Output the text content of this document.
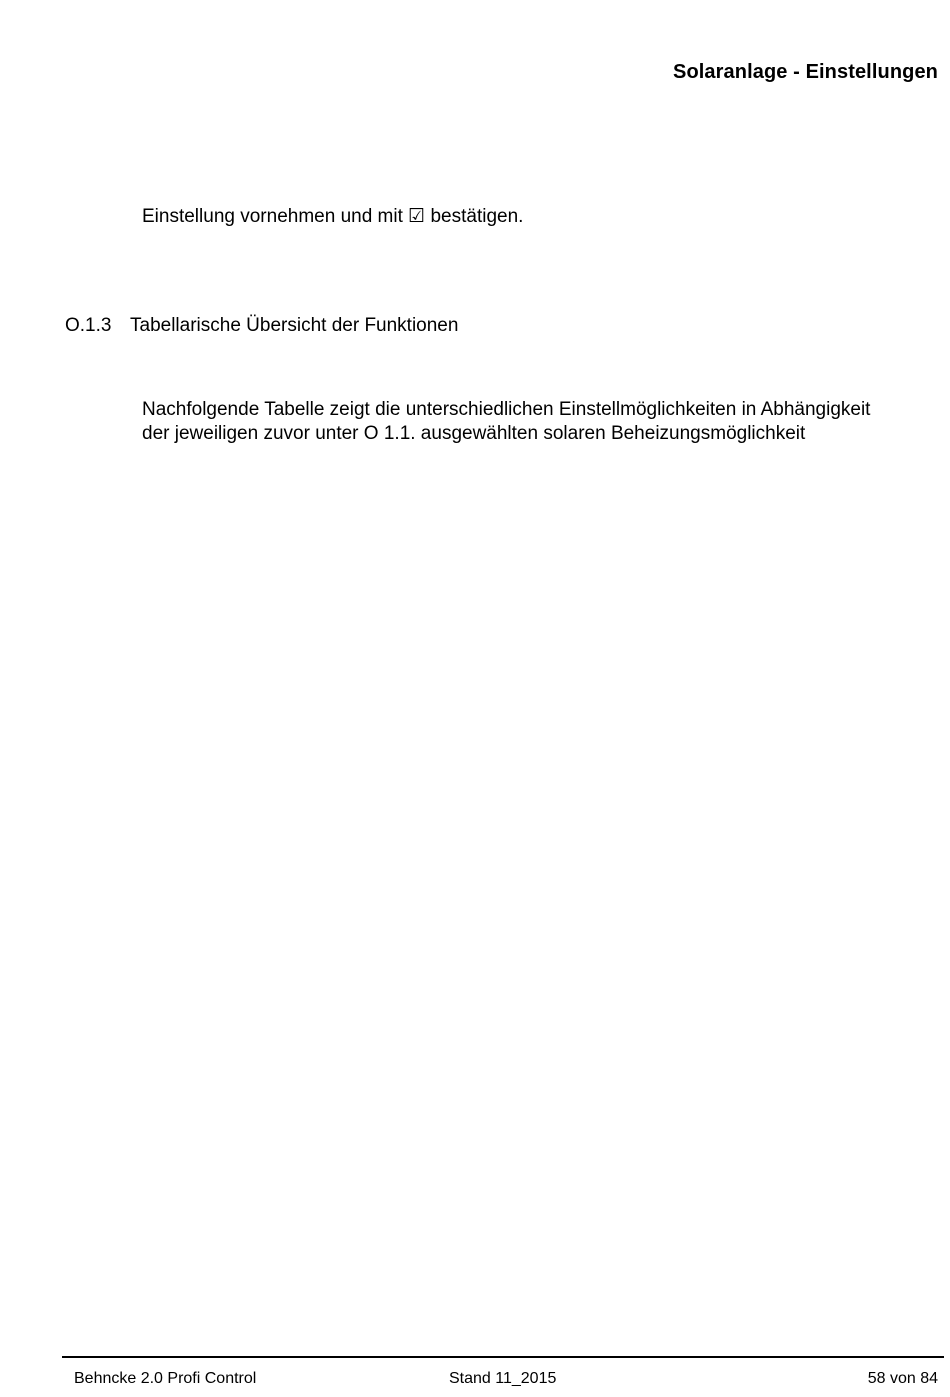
Solaranlage - Einstellungen
Einstellung vornehmen und mit ☑ bestätigen.
O.1.3 Tabellarische Übersicht der Funktionen
Nachfolgende Tabelle zeigt die unterschiedlichen Einstellmöglichkeiten in Abhängigkeit
der jeweiligen zuvor unter O 1.1. ausgewählten solaren Beheizungsmöglichkeit
Behncke 2.0 Profi Control	Stand 11_2015	58 von 84
